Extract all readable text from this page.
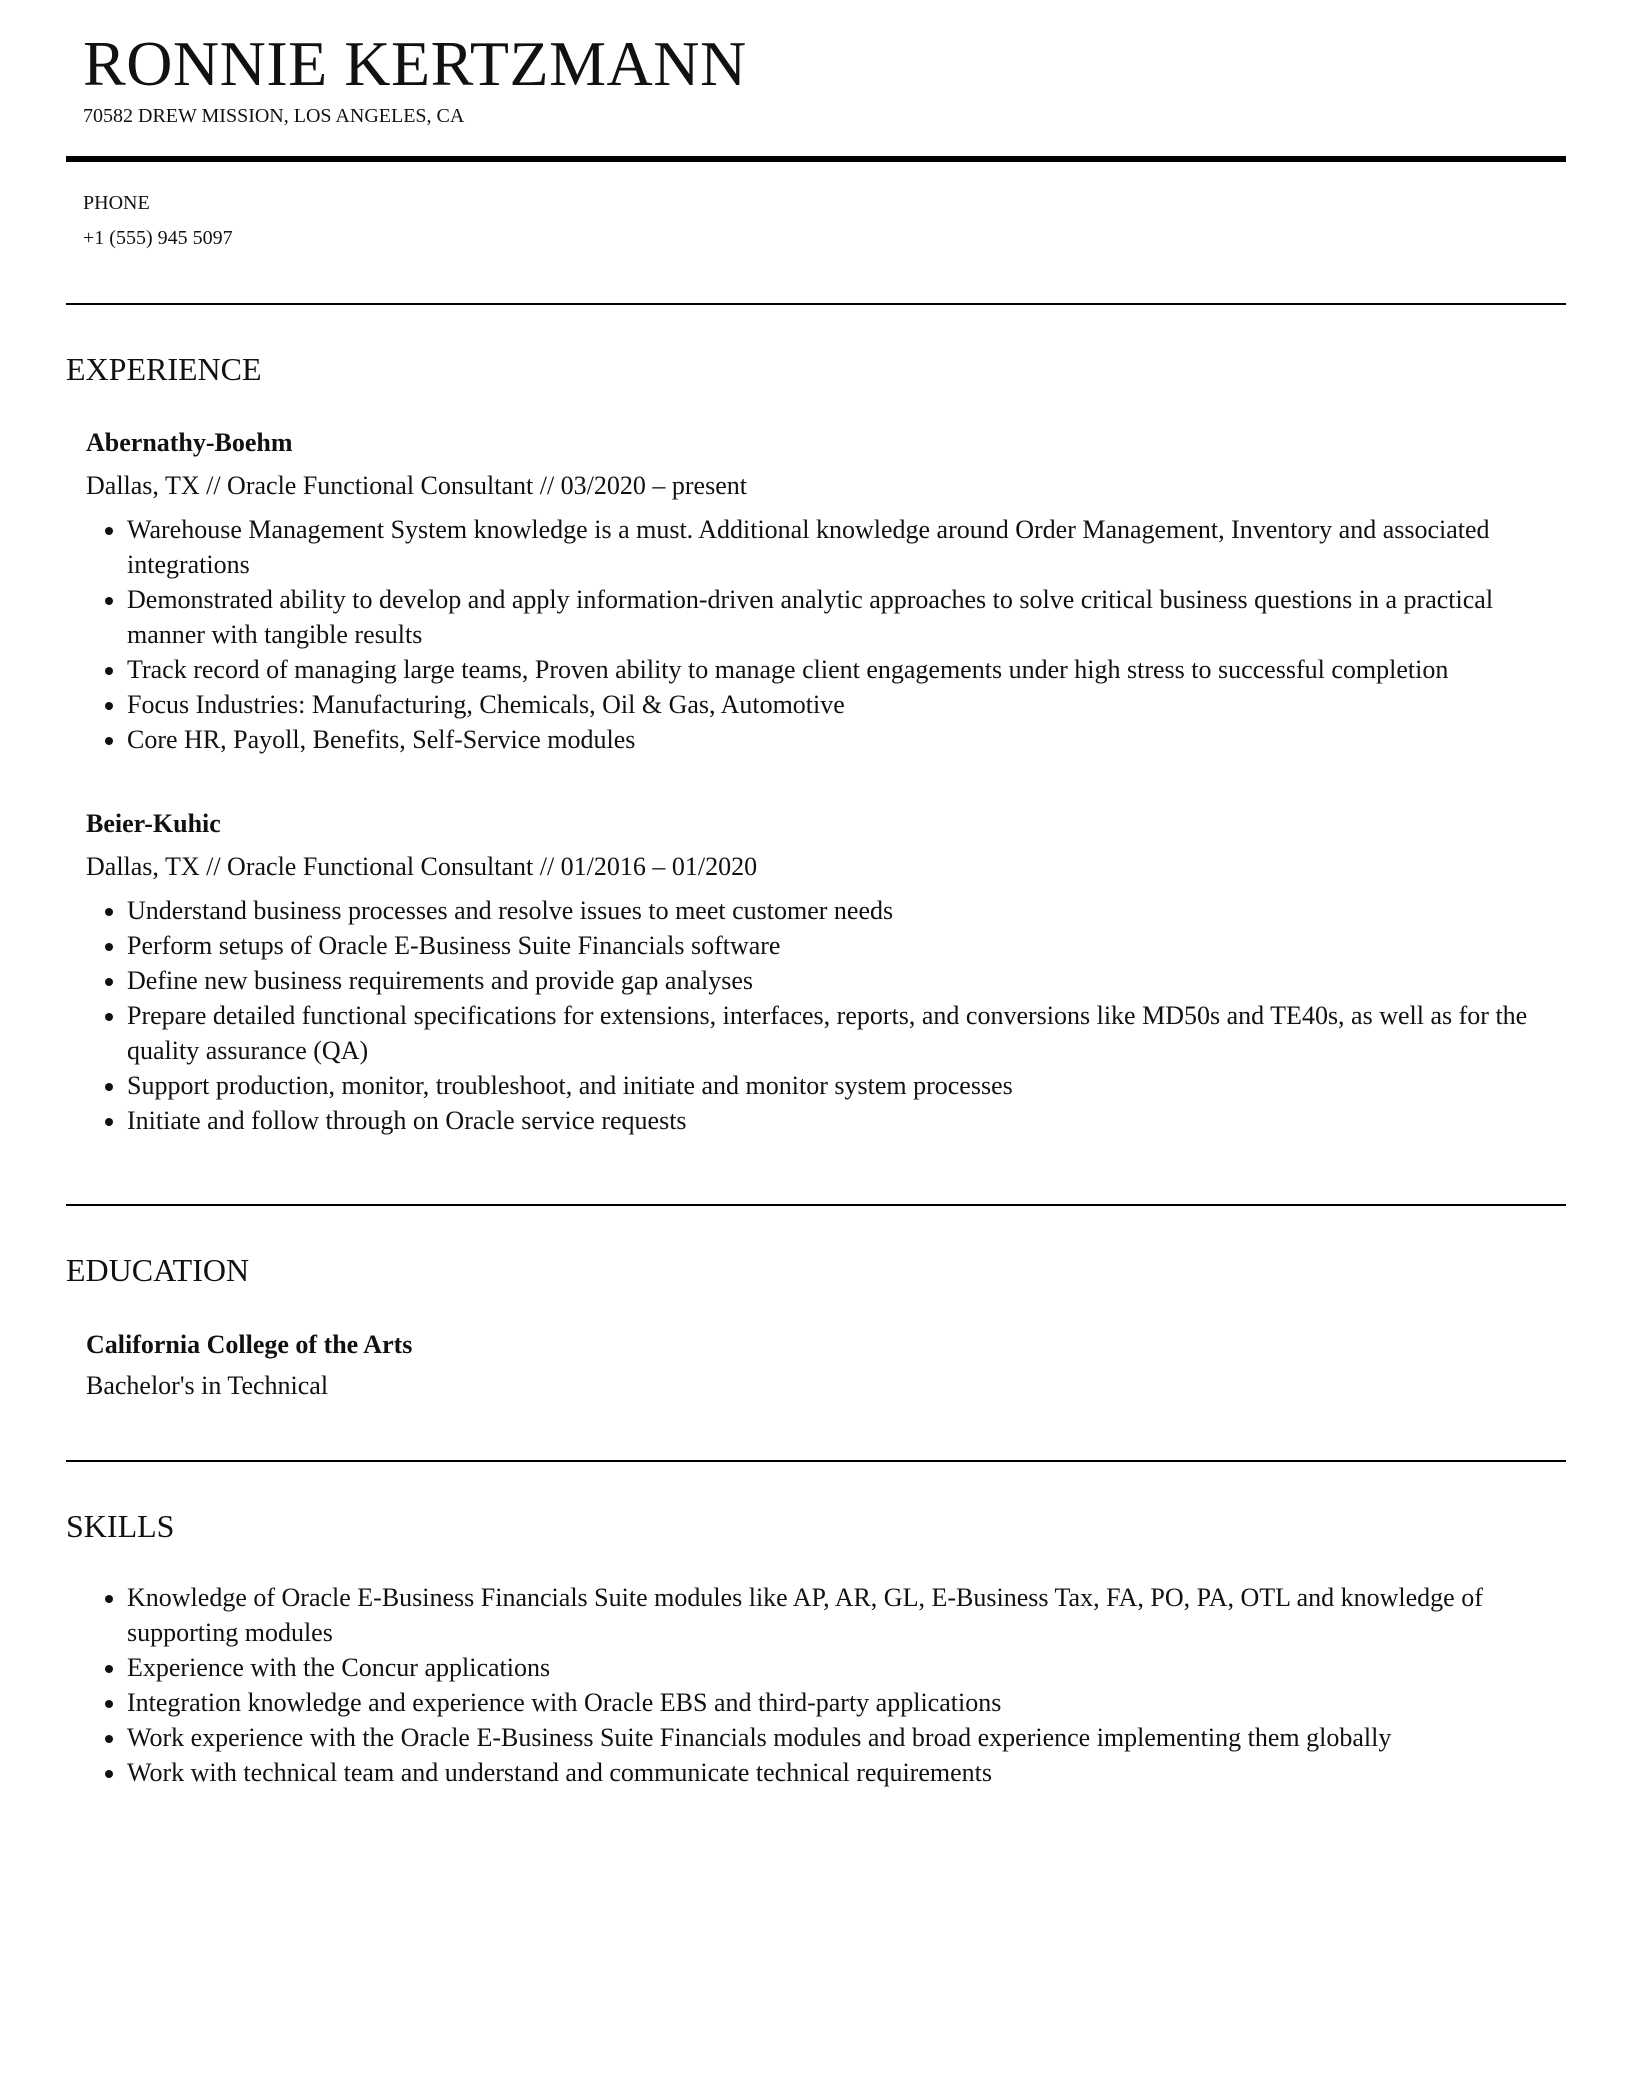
RONNIE KERTZMANN
70582 DREW MISSION, LOS ANGELES, CA
PHONE
+1 (555) 945 5097
EXPERIENCE
Abernathy-Boehm
Dallas, TX // Oracle Functional Consultant // 03/2020 – present
• Warehouse Management System knowledge is a must. Additional knowledge around Order Management, Inventory and associated integrations
• Demonstrated ability to develop and apply information-driven analytic approaches to solve critical business questions in a practical manner with tangible results
• Track record of managing large teams, Proven ability to manage client engagements under high stress to successful completion
• Focus Industries: Manufacturing, Chemicals, Oil & Gas, Automotive
• Core HR, Payoll, Benefits, Self-Service modules
Beier-Kuhic
Dallas, TX // Oracle Functional Consultant // 01/2016 – 01/2020
• Understand business processes and resolve issues to meet customer needs
• Perform setups of Oracle E-Business Suite Financials software
• Define new business requirements and provide gap analyses
• Prepare detailed functional specifications for extensions, interfaces, reports, and conversions like MD50s and TE40s, as well as for the quality assurance (QA)
• Support production, monitor, troubleshoot, and initiate and monitor system processes
• Initiate and follow through on Oracle service requests
EDUCATION
California College of the Arts
Bachelor's in Technical
SKILLS
• Knowledge of Oracle E-Business Financials Suite modules like AP, AR, GL, E-Business Tax, FA, PO, PA, OTL and knowledge of supporting modules
• Experience with the Concur applications
• Integration knowledge and experience with Oracle EBS and third-party applications
• Work experience with the Oracle E-Business Suite Financials modules and broad experience implementing them globally
• Work with technical team and understand and communicate technical requirements
